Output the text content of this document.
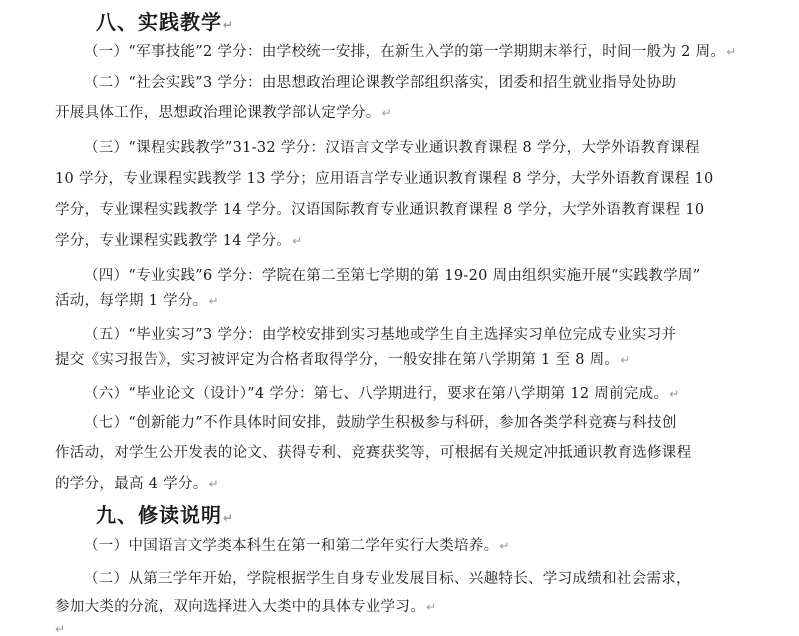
八、实践教学↵
（一）“军事技能”2 学分：由学校统一安排，在新生入学的第一学期期末举行，时间一般为 2 周。↵
（二）“社会实践”3 学分：由思想政治理论课教学部组织落实，团委和招生就业指导处协助
开展具体工作，思想政治理论课教学部认定学分。↵
（三）“课程实践教学”31-32 学分：汉语言文学专业通识教育课程 8 学分，大学外语教育课程
10 学分，专业课程实践教学 13 学分；应用语言学专业通识教育课程 8 学分，大学外语教育课程 10
学分，专业课程实践教学 14 学分。汉语国际教育专业通识教育课程 8 学分，大学外语教育课程 10
学分，专业课程实践教学 14 学分。↵
（四）“专业实践”6 学分：学院在第二至第七学期的第 19-20 周由组织实施开展“实践教学周”
活动，每学期 1 学分。↵
（五）“毕业实习”3 学分：由学校安排到实习基地或学生自主选择实习单位完成专业实习并
提交《实习报告》，实习被评定为合格者取得学分，一般安排在第八学期第 1 至 8 周。↵
（六）“毕业论文（设计）”4 学分：第七、八学期进行，要求在第八学期第 12 周前完成。↵
（七）“创新能力”不作具体时间安排，鼓励学生积极参与科研，参加各类学科竞赛与科技创
作活动，对学生公开发表的论文、获得专利、竞赛获奖等，可根据有关规定冲抵通识教育选修课程
的学分，最高 4 学分。↵
九、修读说明↵
（一）中国语言文学类本科生在第一和第二学年实行大类培养。↵
（二）从第三学年开始，学院根据学生自身专业发展目标、兴趣特长、学习成绩和社会需求，
参加大类的分流，双向选择进入大类中的具体专业学习。↵
↵
